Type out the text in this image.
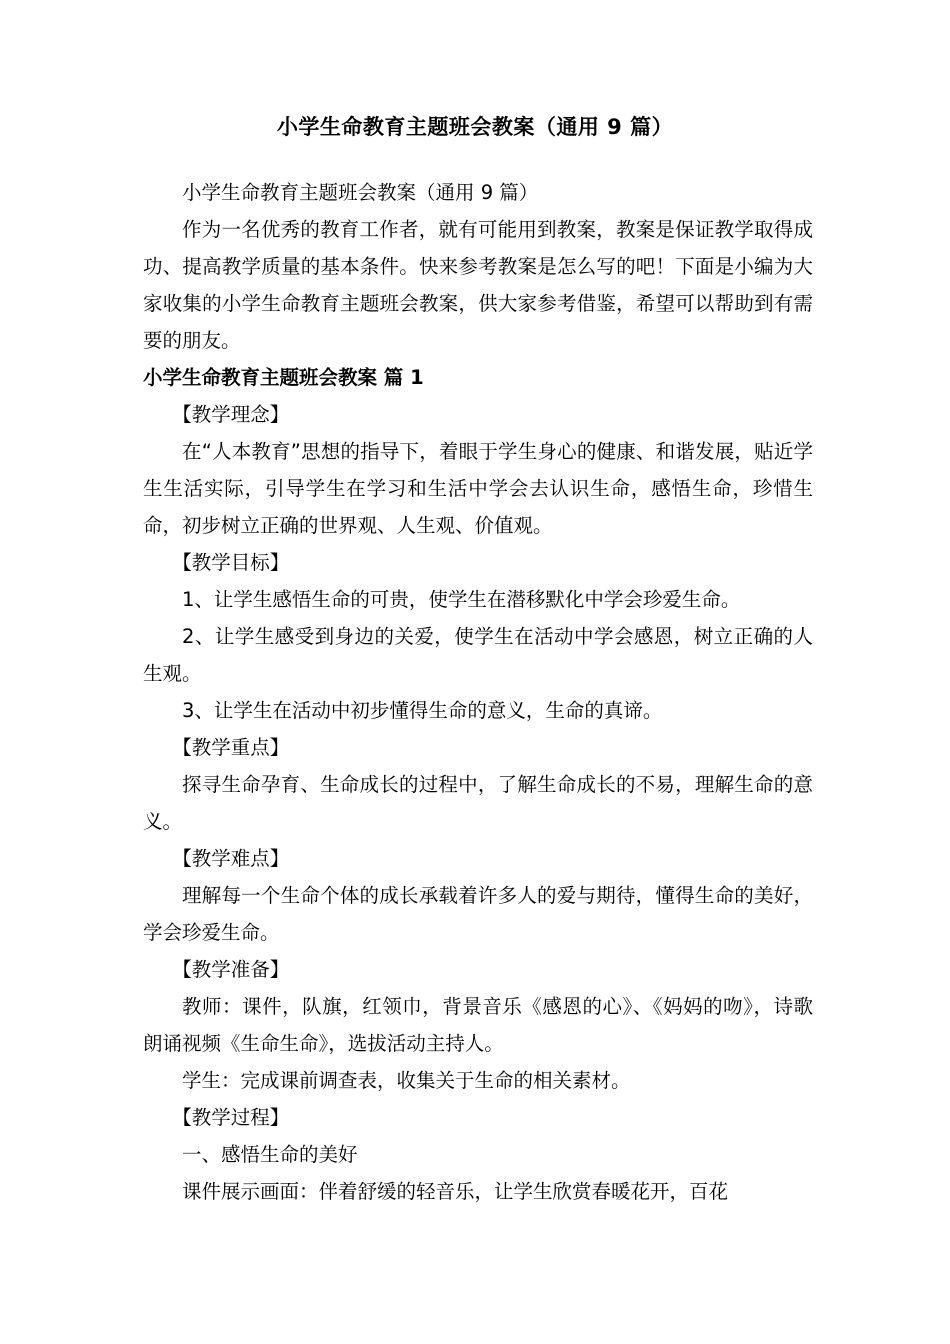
小学生命教育主题班会教案（通用 9 篇）

小学生命教育主题班会教案（通用 9 篇）

作为一名优秀的教育工作者，就有可能用到教案，教案是保证教学取得成功、提高教学质量的基本条件。快来参考教案是怎么写的吧！下面是小编为大家收集的小学生命教育主题班会教案，供大家参考借鉴，希望可以帮助到有需要的朋友。

小学生命教育主题班会教案 篇 1

【教学理念】

在“人本教育”思想的指导下，着眼于学生身心的健康、和谐发展，贴近学生生活实际，引导学生在学习和生活中学会去认识生命，感悟生命，珍惜生命，初步树立正确的世界观、人生观、价值观。

【教学目标】

1、让学生感悟生命的可贵，使学生在潜移默化中学会珍爱生命。

2、让学生感受到身边的关爱，使学生在活动中学会感恩，树立正确的人生观。

3、让学生在活动中初步懂得生命的意义，生命的真谛。

【教学重点】

探寻生命孕育、生命成长的过程中，了解生命成长的不易，理解生命的意义。

【教学难点】

理解每一个生命个体的成长承载着许多人的爱与期待，懂得生命的美好，学会珍爱生命。

【教学准备】

教师：课件，队旗，红领巾，背景音乐《感恩的心》、《妈妈的吻》，诗歌朗诵视频《生命生命》，选拔活动主持人。

学生：完成课前调查表，收集关于生命的相关素材。

【教学过程】

一、感悟生命的美好

课件展示画面：伴着舒缓的轻音乐，让学生欣赏春暖花开，百花
